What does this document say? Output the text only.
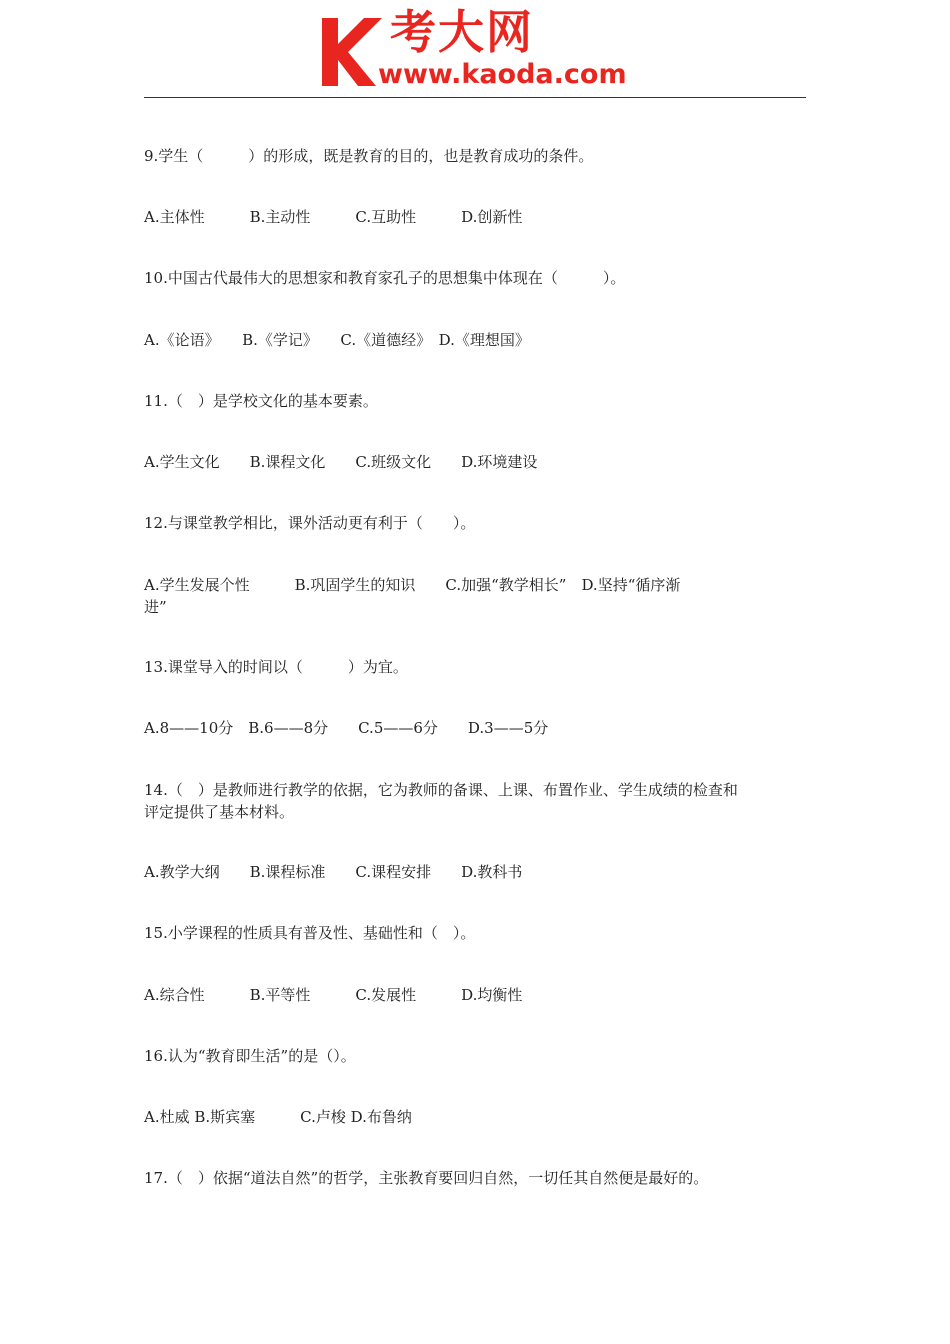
考大网
www.kaoda.com
9.学生（　　　）的形成，既是教育的目的，也是教育成功的条件。
A.主体性　　　B.主动性　　　C.互助性　　　D.创新性
10.中国古代最伟大的思想家和教育家孔子的思想集中体现在（　　　）。
A.《论语》　　B.《学记》　　C.《道德经》　D.《理想国》
11.（　）是学校文化的基本要素。
A.学生文化　　B.课程文化　　C.班级文化　　D.环境建设
12.与课堂教学相比，课外活动更有利于（　　）。
A.学生发展个性　　　B.巩固学生的知识　　C.加强“教学相长”　D.坚持“循序渐
进”
13.课堂导入的时间以（　　　）为宜。
A.8——10分　B.6——8分　　C.5——6分　　D.3——5分
14.（　）是教师进行教学的依据，它为教师的备课、上课、布置作业、学生成绩的检查和
评定提供了基本材料。
A.教学大纲　　B.课程标准　　C.课程安排　　D.教科书
15.小学课程的性质具有普及性、基础性和（　）。
A.综合性　　　B.平等性　　　C.发展性　　　D.均衡性
16.认为“教育即生活”的是（）。
A.杜威 B.斯宾塞　　　C.卢梭 D.布鲁纳
17.（　）依据“道法自然”的哲学，主张教育要回归自然，一切任其自然便是最好的。
